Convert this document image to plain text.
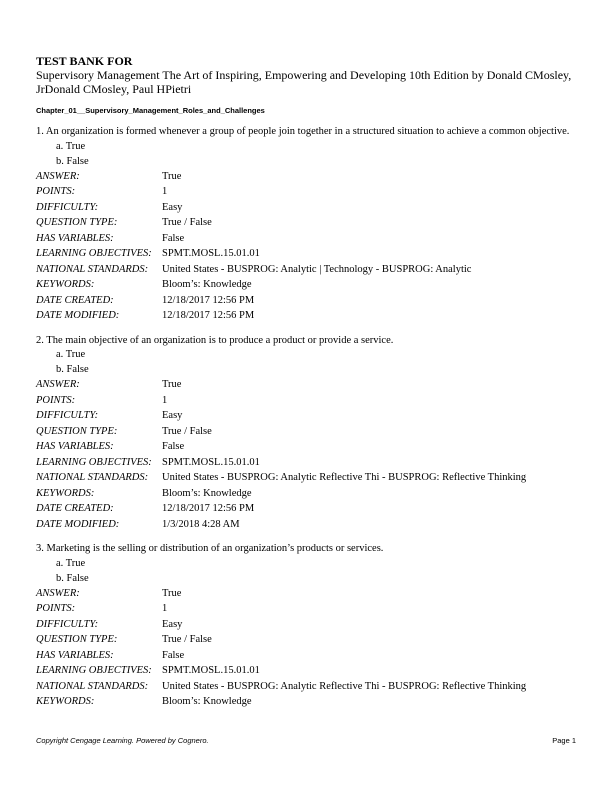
TEST BANK FOR
Supervisory Management The Art of Inspiring, Empowering and Developing 10th Edition by Donald CMosley, JrDonald CMosley, Paul HPietri
Chapter_01__Supervisory_Management_Roles_and_Challenges
1. An organization is formed whenever a group of people join together in a structured situation to achieve a common objective.
a. True
b. False
ANSWER:	True
POINTS:	1
DIFFICULTY:	Easy
QUESTION TYPE:	True / False
HAS VARIABLES:	False
LEARNING OBJECTIVES: SPMT.MOSL.15.01.01
NATIONAL STANDARDS:	United States - BUSPROG: Analytic | Technology - BUSPROG: Analytic
KEYWORDS:	Bloom’s: Knowledge
DATE CREATED:	12/18/2017 12:56 PM
DATE MODIFIED:	12/18/2017 12:56 PM
2. The main objective of an organization is to produce a product or provide a service.
a. True
b. False
ANSWER:	True
POINTS:	1
DIFFICULTY:	Easy
QUESTION TYPE:	True / False
HAS VARIABLES:	False
LEARNING OBJECTIVES: SPMT.MOSL.15.01.01
NATIONAL STANDARDS:	United States - BUSPROG: Analytic Reflective Thi - BUSPROG: Reflective Thinking
KEYWORDS:	Bloom’s: Knowledge
DATE CREATED:	12/18/2017 12:56 PM
DATE MODIFIED:	1/3/2018 4:28 AM
3. Marketing is the selling or distribution of an organization’s products or services.
a. True
b. False
ANSWER:	True
POINTS:	1
DIFFICULTY:	Easy
QUESTION TYPE:	True / False
HAS VARIABLES:	False
LEARNING OBJECTIVES: SPMT.MOSL.15.01.01
NATIONAL STANDARDS:	United States - BUSPROG: Analytic Reflective Thi - BUSPROG: Reflective Thinking
KEYWORDS:	Bloom’s: Knowledge
Copyright Cengage Learning. Powered by Cognero.	Page 1
